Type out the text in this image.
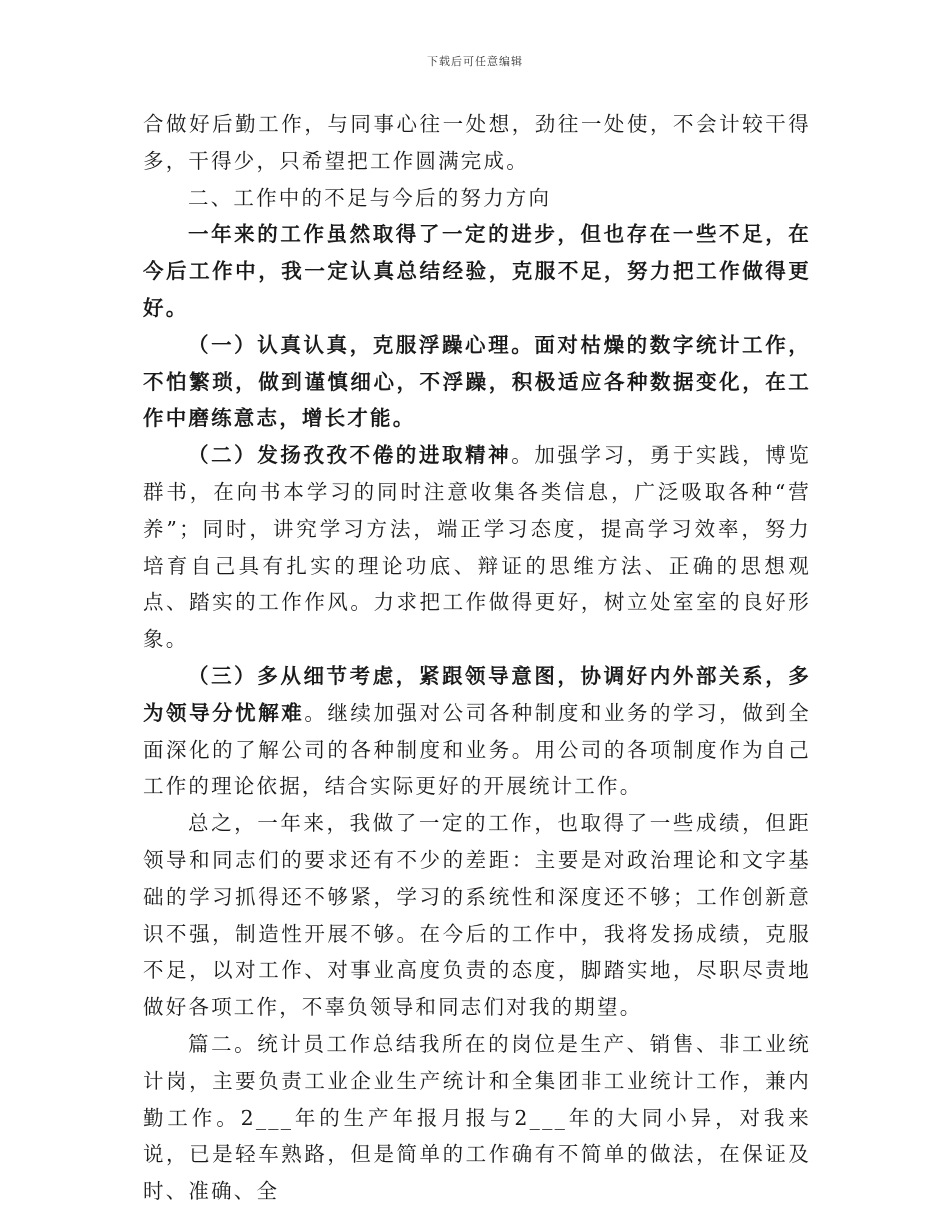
下载后可任意编辑

合做好后勤工作，与同事心往一处想，劲往一处使，不会计较干得多，干得少，只希望把工作圆满完成。

二、工作中的不足与今后的努力方向

一年来的工作虽然取得了一定的进步，但也存在一些不足，在今后工作中，我一定认真总结经验，克服不足，努力把工作做得更好。

（一）认真认真，克服浮躁心理。面对枯燥的数字统计工作，不怕繁琐，做到谨慎细心，不浮躁，积极适应各种数据变化，在工作中磨练意志，增长才能。

（二）发扬孜孜不倦的进取精神。加强学习，勇于实践，博览群书，在向书本学习的同时注意收集各类信息，广泛吸取各种“营养”；同时，讲究学习方法，端正学习态度，提高学习效率，努力培育自己具有扎实的理论功底、辩证的思维方法、正确的思想观点、踏实的工作作风。力求把工作做得更好，树立处室室的良好形象。

（三）多从细节考虑，紧跟领导意图，协调好内外部关系，多为领导分忧解难。继续加强对公司各种制度和业务的学习，做到全面深化的了解公司的各种制度和业务。用公司的各项制度作为自己工作的理论依据，结合实际更好的开展统计工作。

总之，一年来，我做了一定的工作，也取得了一些成绩，但距领导和同志们的要求还有不少的差距：主要是对政治理论和文字基础的学习抓得还不够紧，学习的系统性和深度还不够；工作创新意识不强，制造性开展不够。在今后的工作中，我将发扬成绩，克服不足，以对工作、对事业高度负责的态度，脚踏实地，尽职尽责地做好各项工作，不辜负领导和同志们对我的期望。

篇二。统计员工作总结我所在的岗位是生产、销售、非工业统计岗，主要负责工业企业生产统计和全集团非工业统计工作，兼内勤工作。2___年的生产年报月报与2___年的大同小异，对我来说，已是轻车熟路，但是简单的工作确有不简单的做法，在保证及时、准确、全
